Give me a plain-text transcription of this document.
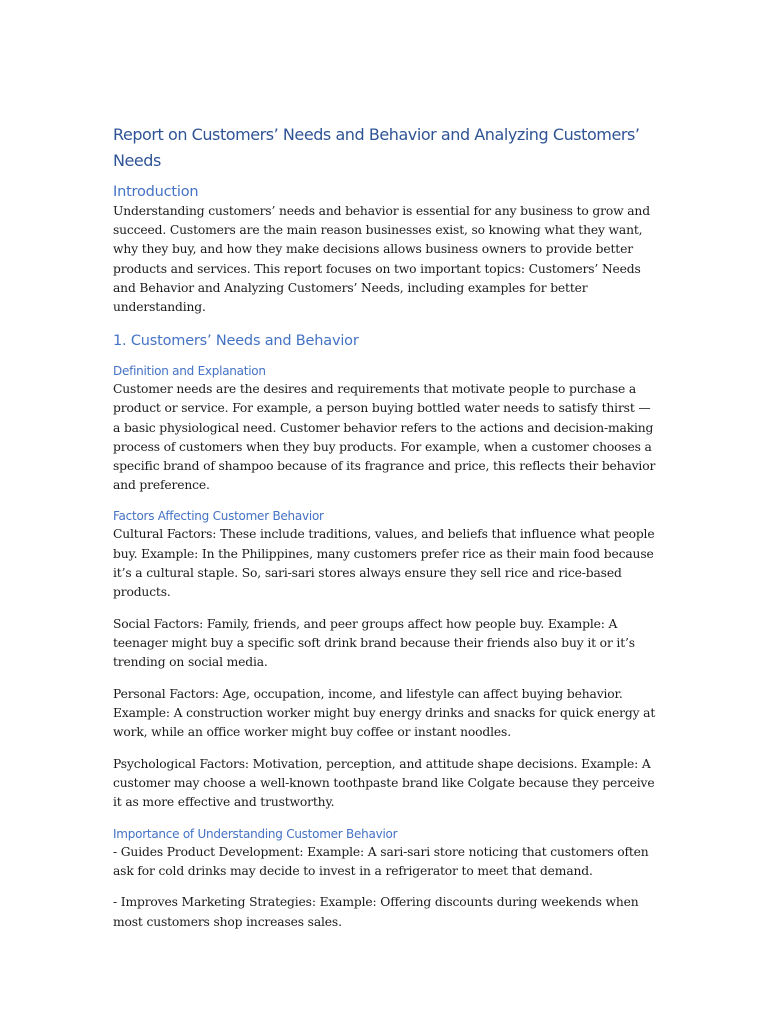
Report on Customers’ Needs and Behavior and Analyzing Customers’ Needs
Introduction

Understanding customers’ needs and behavior is essential for any business to grow and succeed. Customers are the main reason businesses exist, so knowing what they want, why they buy, and how they make decisions allows business owners to provide better products and services. This report focuses on two important topics: Customers’ Needs and Behavior and Analyzing Customers’ Needs, including examples for better understanding.

1. Customers’ Needs and Behavior
Definition and Explanation

Customer needs are the desires and requirements that motivate people to purchase a product or service. For example, a person buying bottled water needs to satisfy thirst — a basic physiological need. Customer behavior refers to the actions and decision-making process of customers when they buy products. For example, when a customer chooses a specific brand of shampoo because of its fragrance and price, this reflects their behavior and preference.

Factors Affecting Customer Behavior

Cultural Factors: These include traditions, values, and beliefs that influence what people buy. Example: In the Philippines, many customers prefer rice as their main food because it’s a cultural staple. So, sari-sari stores always ensure they sell rice and rice-based products.

Social Factors: Family, friends, and peer groups affect how people buy. Example: A teenager might buy a specific soft drink brand because their friends also buy it or it’s trending on social media.

Personal Factors: Age, occupation, income, and lifestyle can affect buying behavior. Example: A construction worker might buy energy drinks and snacks for quick energy at work, while an office worker might buy coffee or instant noodles.

Psychological Factors: Motivation, perception, and attitude shape decisions. Example: A customer may choose a well-known toothpaste brand like Colgate because they perceive it as more effective and trustworthy.

Importance of Understanding Customer Behavior

- Guides Product Development: Example: A sari-sari store noticing that customers often ask for cold drinks may decide to invest in a refrigerator to meet that demand.

- Improves Marketing Strategies: Example: Offering discounts during weekends when most customers shop increases sales.
